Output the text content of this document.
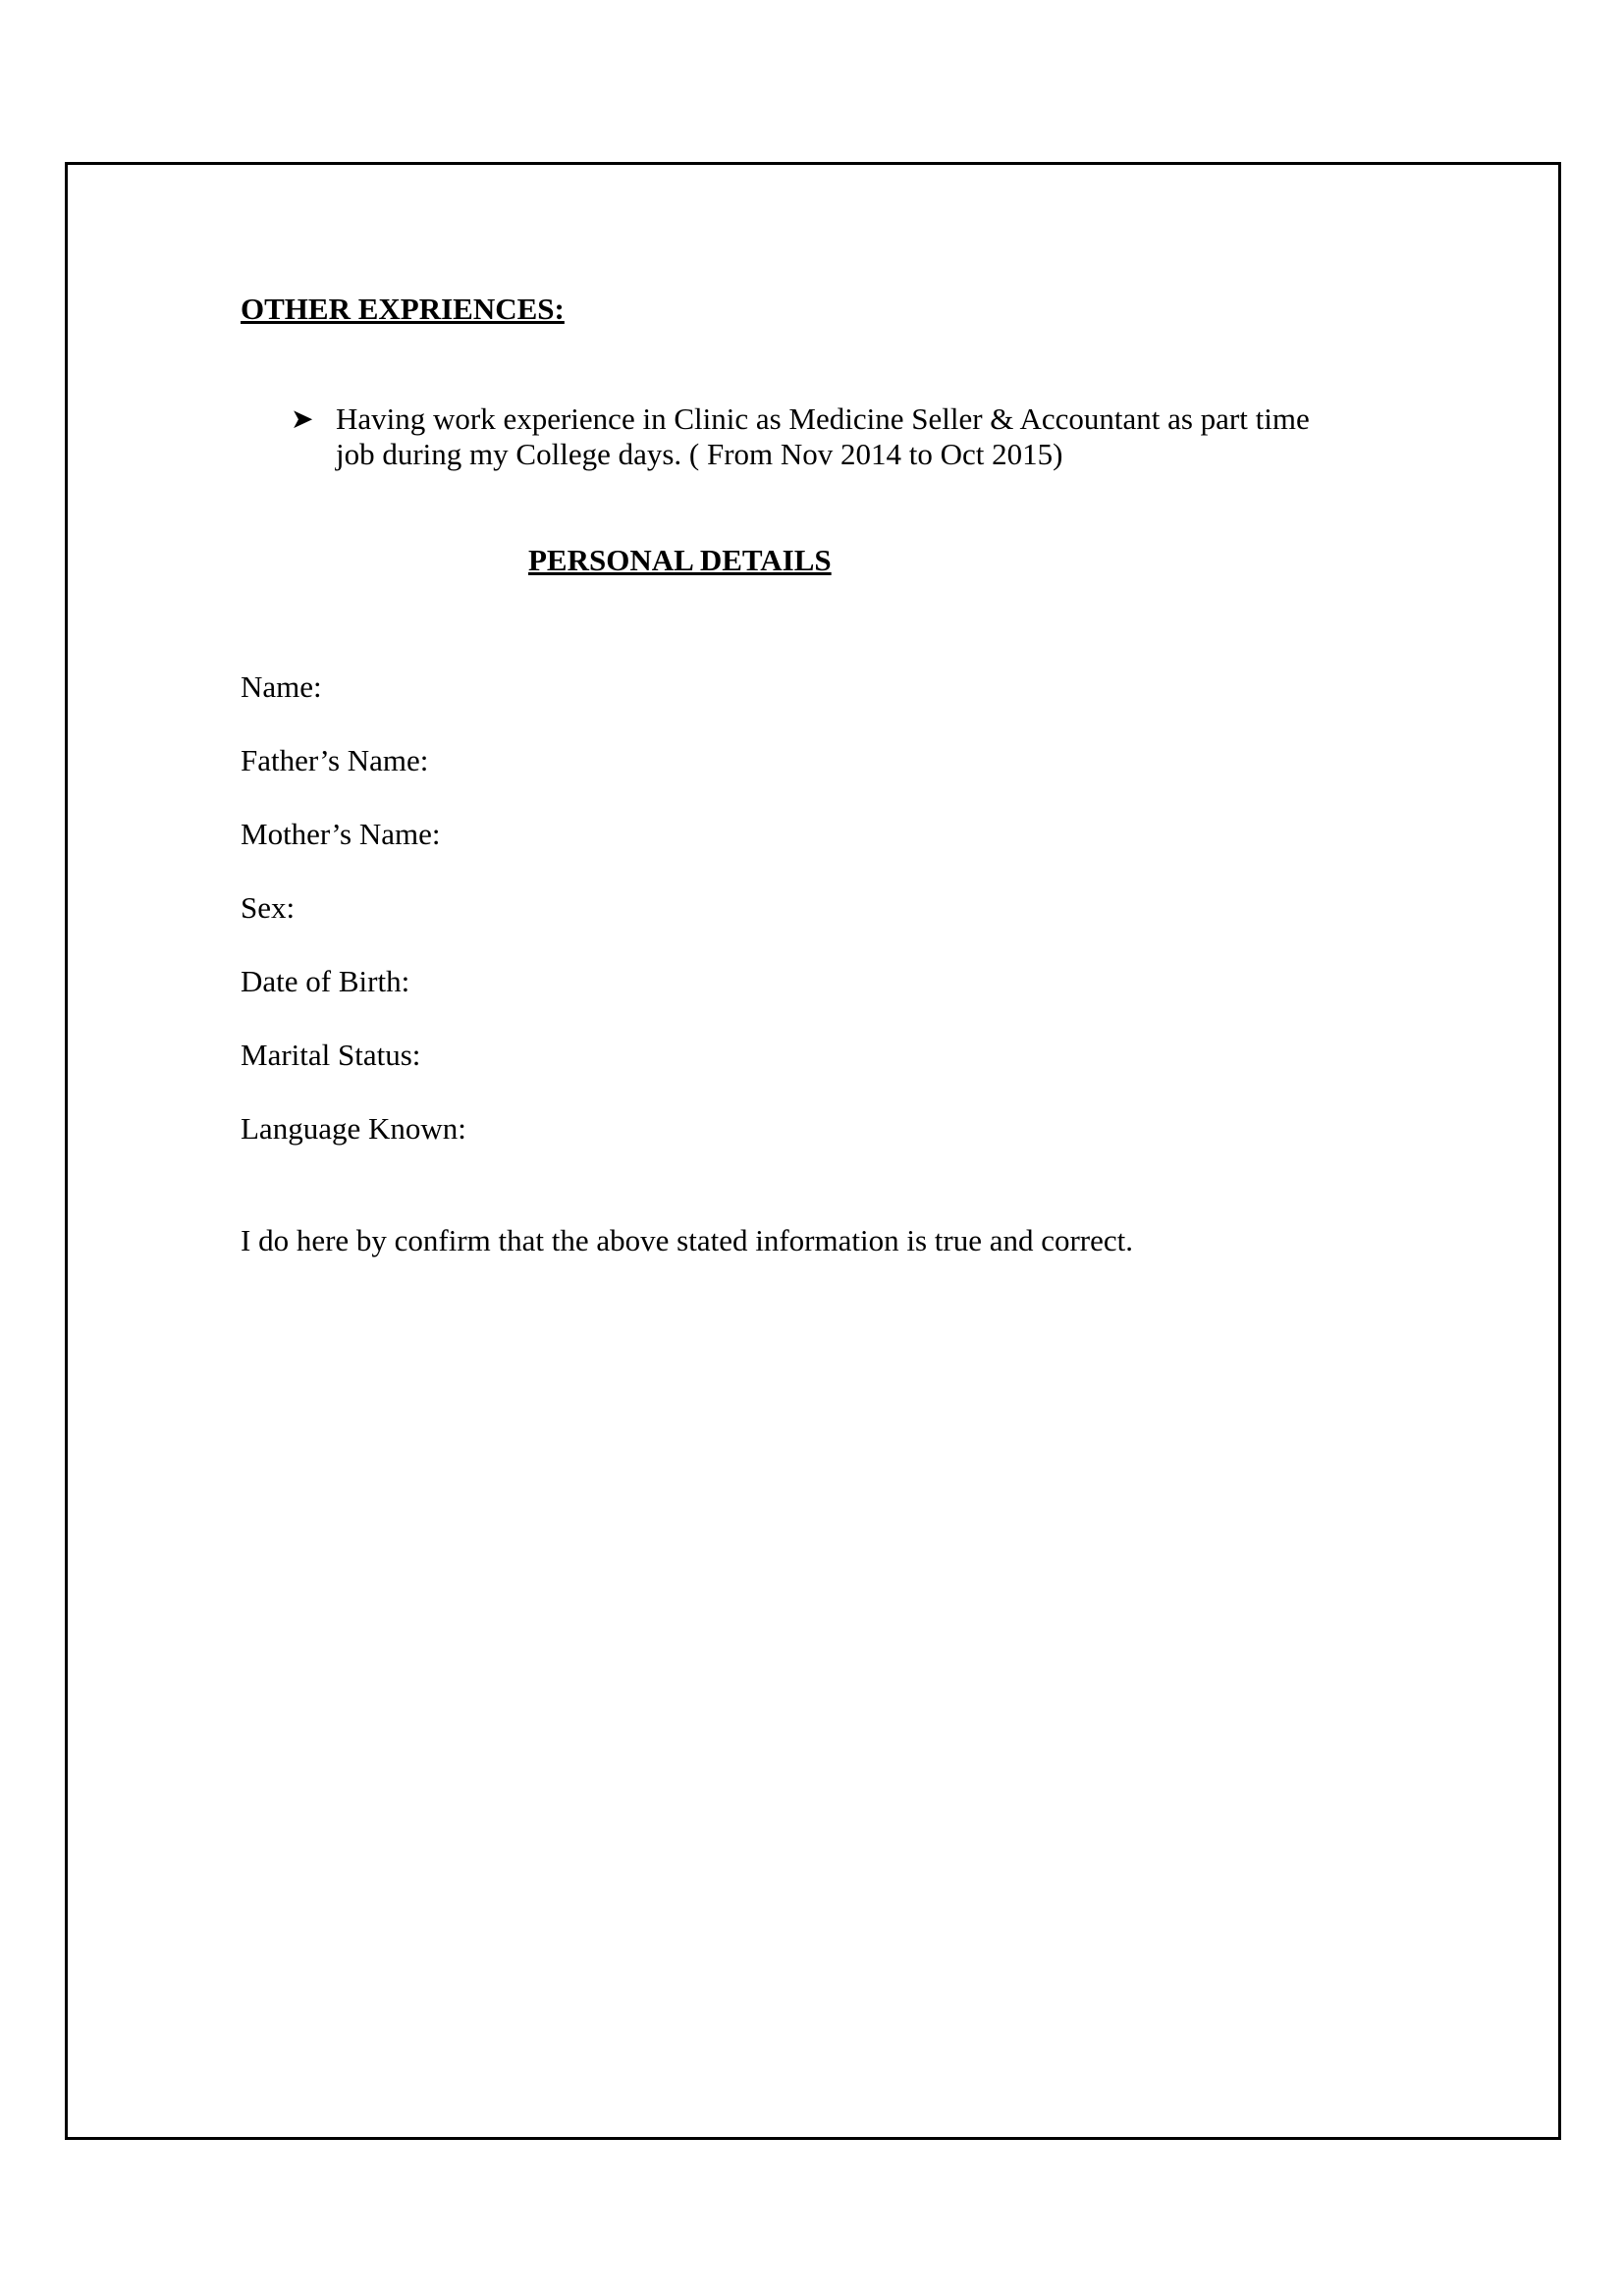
OTHER EXPRIENCES:
➤ Having work experience in Clinic as Medicine Seller & Accountant as part time
job during my College days. ( From Nov 2014 to Oct 2015)
PERSONAL DETAILS
Name:
Father’s Name:
Mother’s Name:
Sex:
Date of Birth:
Marital Status:
Language Known:
I do here by confirm that the above stated information is true and correct.
